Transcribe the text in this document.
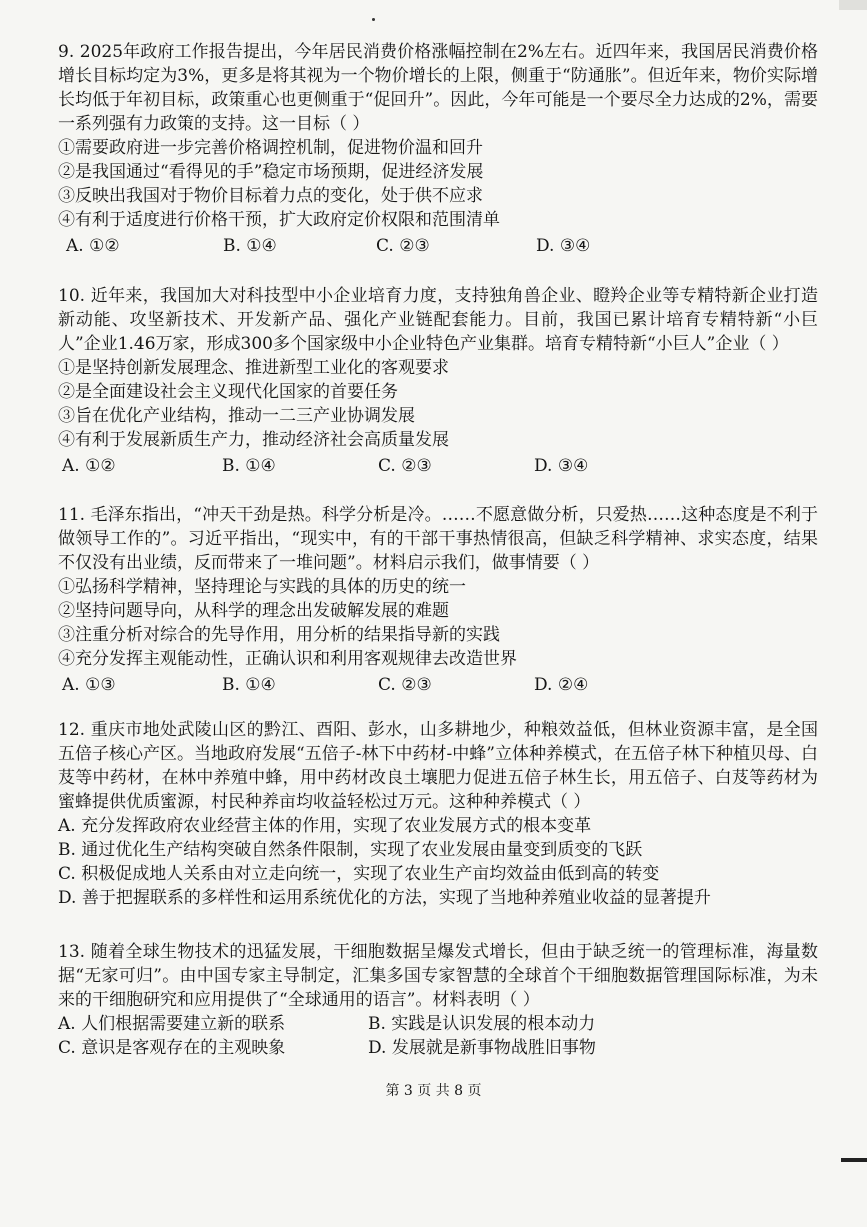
9. 2025年政府工作报告提出，今年居民消费价格涨幅控制在2%左右。近四年来，我国居民消费价格增长目标均定为3%，更多是将其视为一个物价增长的上限，侧重于“防通胀”。但近年来，物价实际增长均低于年初目标，政策重心也更侧重于“促回升”。因此，今年可能是一个要尽全力达成的2%，需要一系列强有力政策的支持。这一目标（ ）

①需要政府进一步完善价格调控机制，促进物价温和回升

②是我国通过“看得见的手”稳定市场预期，促进经济发展

③反映出我国对于物价目标着力点的变化，处于供不应求

④有利于适度进行价格干预，扩大政府定价权限和范围清单

A. ①②	B. ①④	C. ②③	D. ③④

10. 近年来，我国加大对科技型中小企业培育力度，支持独角兽企业、瞪羚企业等专精特新企业打造新动能、攻坚新技术、开发新产品、强化产业链配套能力。目前，我国已累计培育专精特新“小巨人”企业1.46万家，形成300多个国家级中小企业特色产业集群。培育专精特新“小巨人”企业（ ）

①是坚持创新发展理念、推进新型工业化的客观要求

②是全面建设社会主义现代化国家的首要任务

③旨在优化产业结构，推动一二三产业协调发展

④有利于发展新质生产力，推动经济社会高质量发展

A. ①②	B. ①④	C. ②③	D. ③④

11. 毛泽东指出，“冲天干劲是热。科学分析是冷。……不愿意做分析，只爱热……这种态度是不利于做领导工作的”。习近平指出，“现实中，有的干部干事热情很高，但缺乏科学精神、求实态度，结果不仅没有出业绩，反而带来了一堆问题”。材料启示我们，做事情要（ ）

①弘扬科学精神，坚持理论与实践的具体的历史的统一

②坚持问题导向，从科学的理念出发破解发展的难题

③注重分析对综合的先导作用，用分析的结果指导新的实践

④充分发挥主观能动性，正确认识和利用客观规律去改造世界

A. ①③	B. ①④	C. ②③	D. ②④

12. 重庆市地处武陵山区的黔江、酉阳、彭水，山多耕地少，种粮效益低，但林业资源丰富，是全国五倍子核心产区。当地政府发展“五倍子-林下中药材-中蜂”立体种养模式，在五倍子林下种植贝母、白芨等中药材，在林中养殖中蜂，用中药材改良土壤肥力促进五倍子林生长，用五倍子、白芨等药材为蜜蜂提供优质蜜源，村民种养亩均收益轻松过万元。这种种养模式（ ）

A. 充分发挥政府农业经营主体的作用，实现了农业发展方式的根本变革

B. 通过优化生产结构突破自然条件限制，实现了农业发展由量变到质变的飞跃

C. 积极促成地人关系由对立走向统一，实现了农业生产亩均效益由低到高的转变

D. 善于把握联系的多样性和运用系统优化的方法，实现了当地种养殖业收益的显著提升

13. 随着全球生物技术的迅猛发展，干细胞数据呈爆发式增长，但由于缺乏统一的管理标准，海量数据“无家可归”。由中国专家主导制定，汇集多国专家智慧的全球首个干细胞数据管理国际标准，为未来的干细胞研究和应用提供了“全球通用的语言”。材料表明（ ）

A. 人们根据需要建立新的联系	B. 实践是认识发展的根本动力
C. 意识是客观存在的主观映象	D. 发展就是新事物战胜旧事物
第 3 页 共 8 页
